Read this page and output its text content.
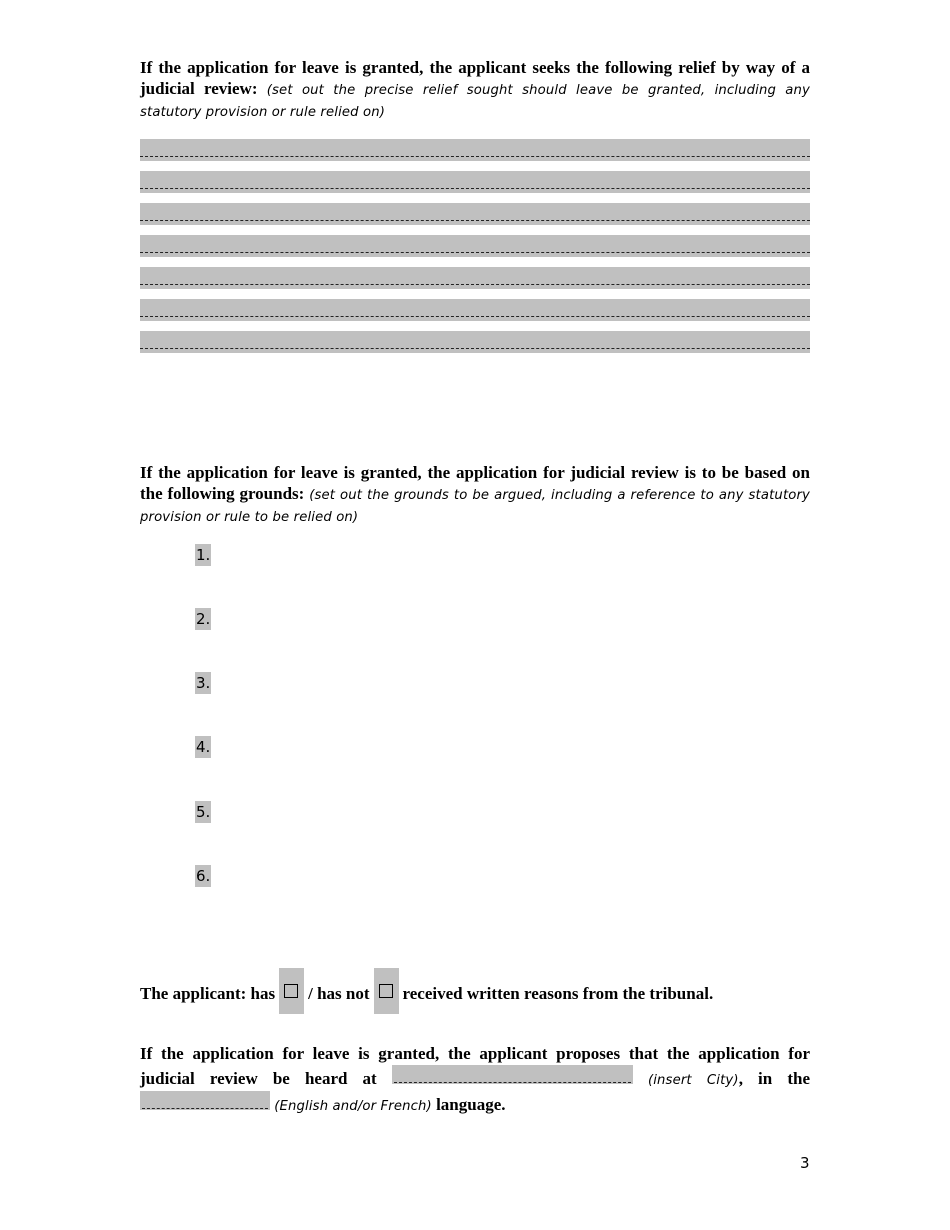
If the application for leave is granted, the applicant seeks the following relief by way of a judicial review: (set out the precise relief sought should leave be granted, including any statutory provision or rule relied on)
If the application for leave is granted, the application for judicial review is to be based on the following grounds: (set out the grounds to be argued, including a reference to any statutory provision or rule to be relied on)
1.
2.
3.
4.
5.
6.
The applicant: has / has not received written reasons from the tribunal.
If the application for leave is granted, the applicant proposes that the application for judicial review be heard at	(insert City), in the  (English and/or French) language.
3
